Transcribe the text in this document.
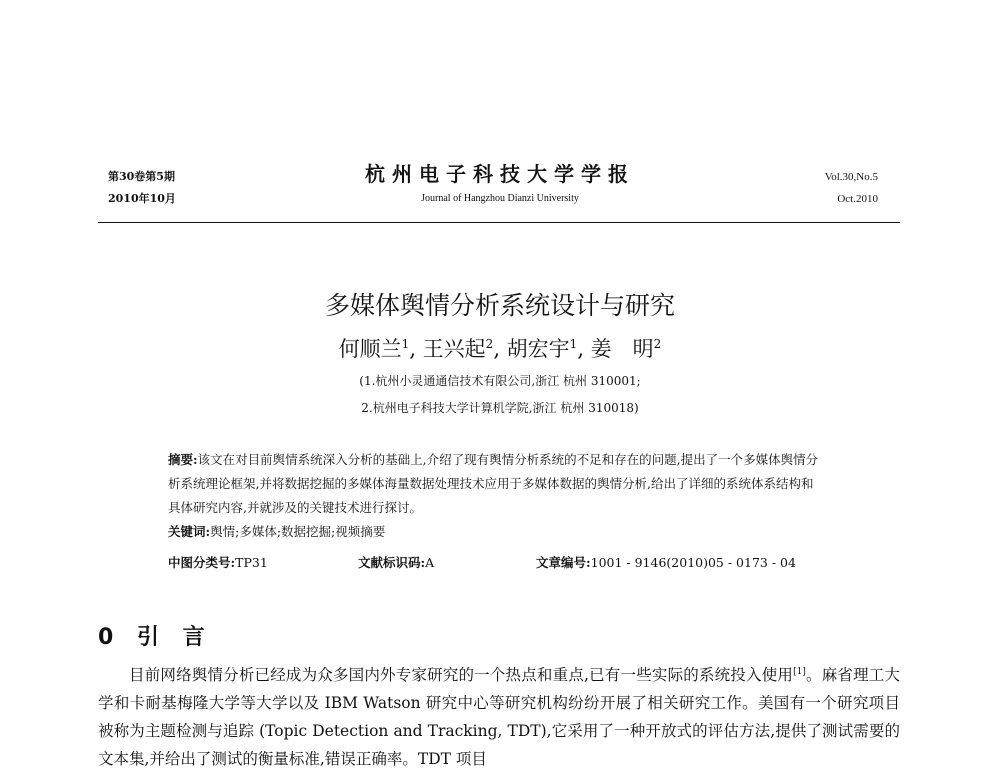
第30卷第5期
2010年10月
杭州电子科技大学学报
Journal of Hangzhou Dianzi University
Vol.30,No.5
Oct.2010
多媒体舆情分析系统设计与研究
何顺兰$^1$, 王兴起$^2$, 胡宏宇$^1$, 姜　明$^2$
(1.杭州小灵通通信技术有限公司,浙江 杭州 310001;
2.杭州电子科技大学计算机学院,浙江 杭州 310018)
摘要:该文在对目前舆情系统深入分析的基础上,介绍了现有舆情分析系统的不足和存在的问题,提出了一个多媒体舆情分析系统理论框架,并将数据挖掘的多媒体海量数据处理技术应用于多媒体数据的舆情分析,给出了详细的系统体系结构和具体研究内容,并就涉及的关键技术进行探讨。
关键词:舆情;多媒体;数据挖掘;视频摘要
中图分类号:TP31	文献标识码:A	文章编号:1001 - 9146(2010)05 - 0173 - 04
0 引 言
目前网络舆情分析已经成为众多国内外专家研究的一个热点和重点,已有一些实际的系统投入使用[1]。麻省理工大学和卡耐基梅隆大学等大学以及 IBM Watson 研究中心等研究机构纷纷开展了相关研究工作。美国有一个研究项目被称为主题检测与追踪 (Topic Detection and Tracking, TDT),它采用了一种开放式的评估方法,提供了测试需要的文本集,并给出了测试的衡量标准,错误正确率。TDT 项目
